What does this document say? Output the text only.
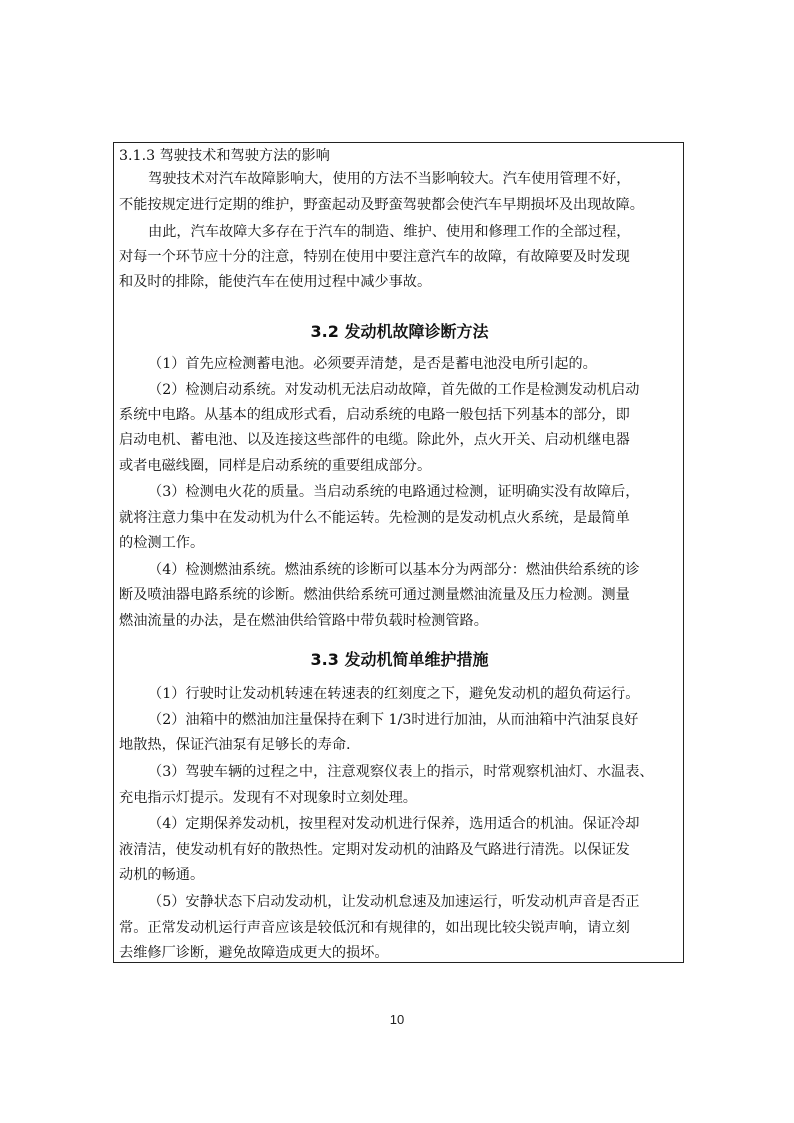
3.1.3 驾驶技术和驾驶方法的影响
驾驶技术对汽车故障影响大，使用的方法不当影响较大。汽车使用管理不好，
不能按规定进行定期的维护，野蛮起动及野蛮驾驶都会使汽车早期损坏及出现故障。
由此，汽车故障大多存在于汽车的制造、维护、使用和修理工作的全部过程，
对每一个环节应十分的注意，特别在使用中要注意汽车的故障，有故障要及时发现
和及时的排除，能使汽车在使用过程中减少事故。
3.2 发动机故障诊断方法
（1）首先应检测蓄电池。必须要弄清楚，是否是蓄电池没电所引起的。
（2）检测启动系统。对发动机无法启动故障，首先做的工作是检测发动机启动
系统中电路。从基本的组成形式看，启动系统的电路一般包括下列基本的部分，即
启动电机、蓄电池、以及连接这些部件的电缆。除此外，点火开关、启动机继电器
或者电磁线圈，同样是启动系统的重要组成部分。
（3）检测电火花的质量。当启动系统的电路通过检测，证明确实没有故障后，
就将注意力集中在发动机为什么不能运转。先检测的是发动机点火系统，是最简单
的检测工作。
（4）检测燃油系统。燃油系统的诊断可以基本分为两部分：燃油供给系统的诊
断及喷油器电路系统的诊断。燃油供给系统可通过测量燃油流量及压力检测。测量
燃油流量的办法，是在燃油供给管路中带负载时检测管路。
3.3 发动机简单维护措施
（1）行驶时让发动机转速在转速表的红刻度之下，避免发动机的超负荷运行。
（2）油箱中的燃油加注量保持在剩下 1/3时进行加油，从而油箱中汽油泵良好
地散热，保证汽油泵有足够长的寿命.
（3）驾驶车辆的过程之中，注意观察仪表上的指示，时常观察机油灯、水温表、
充电指示灯提示。发现有不对现象时立刻处理。
（4）定期保养发动机，按里程对发动机进行保养，选用适合的机油。保证冷却
液清洁，使发动机有好的散热性。定期对发动机的油路及气路进行清洗。以保证发
动机的畅通。
（5）安静状态下启动发动机，让发动机怠速及加速运行，听发动机声音是否正
常。正常发动机运行声音应该是较低沉和有规律的，如出现比较尖锐声响，请立刻
去维修厂诊断，避免故障造成更大的损坏。
10
